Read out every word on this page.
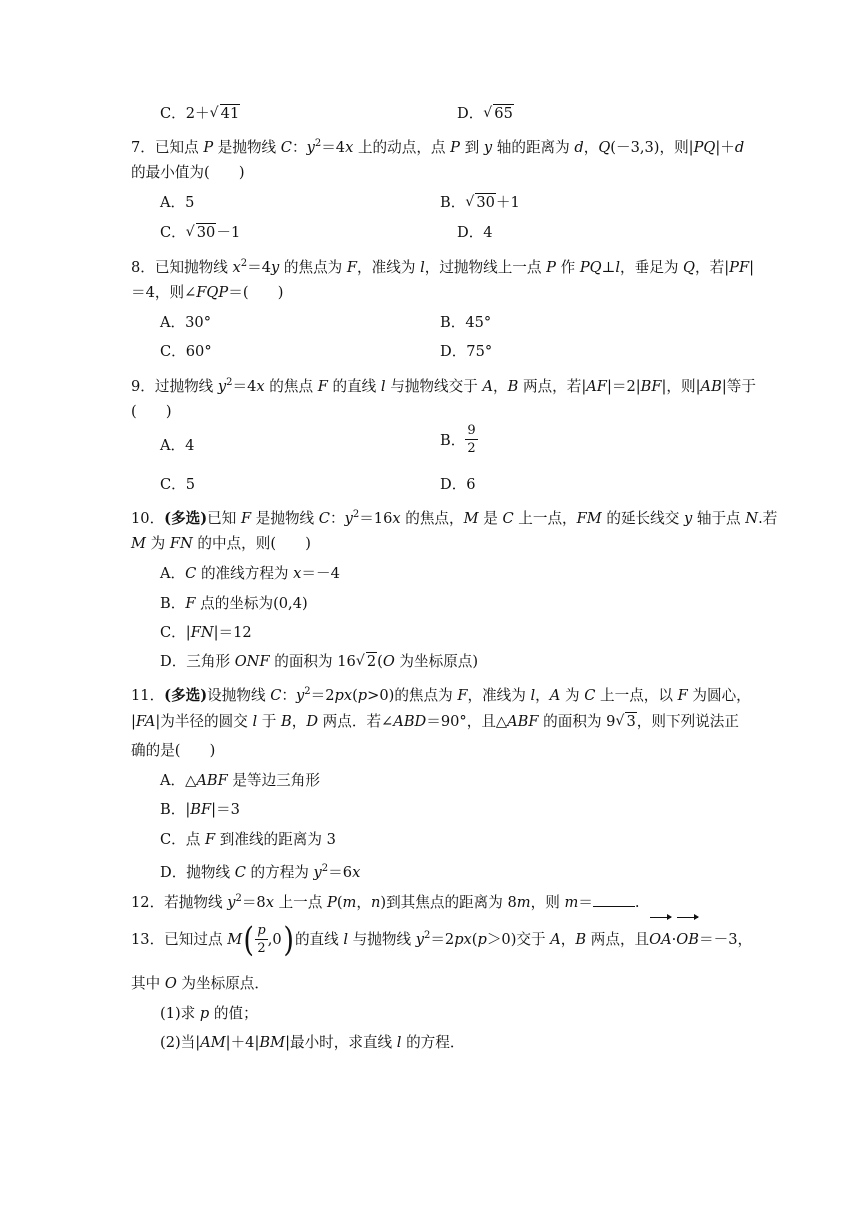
C．2＋ √ 41	D． √ 65
7．已知点 P 是抛物线 C：$y^2=4x$ 上的动点，点 P 到 y 轴的距离为 d，Q(－3,3)，则|PQ|＋d
的最小值为(　　)
A．5	B． √ 30＋1
C． √ 30－1	D．4
8．已知抛物线 $x^2=4y$ 的焦点为 F，准线为 l，过抛物线上一点 P 作 PQ⊥l，垂足为 Q，若|PF|
＝4，则∠FQP＝(　　)
A．30°	B．45°
C．60°	D．75°
9．过抛物线 $y^2=4x$ 的焦点 F 的直线 l 与抛物线交于 A，B 两点，若|AF|＝2|BF|，则|AB|等于
(　　)
A．4	B． $\frac{9}{2}$
C．5	D．6
10．(多选)已知 F 是抛物线 C：$y^2=16x$ 的焦点，M 是 C 上一点，FM 的延长线交 y 轴于点 N.若
M 为 FN 的中点，则(　　)
A．C 的准线方程为 x＝－4
B．F 点的坐标为(0,4)
C．|FN|＝12
D．三角形 ONF 的面积为 16 √ 2(O 为坐标原点)
11．(多选)设抛物线 C：$y^2=2px(p>0)$的焦点为 F，准线为 l，A 为 C 上一点，以 F 为圆心，
|FA|为半径的圆交 l 于 B，D 两点．若∠ABD＝90°，且△ABF 的面积为 9 √ 3，则下列说法正
确的是(　　)
A．△ABF 是等边三角形
B．|BF|＝3
C．点 F 到准线的距离为 3
D．抛物线 C 的方程为 $y^2=6x$
12．若抛物线 $y^2=8x$ 上一点 P(m，n)到其焦点的距离为 8m，则 m＝	.
13．已知过点 $M( \frac{p}{2} ,0)$的直线 l 与抛物线 $y^2=2px(p>0)$交于 A，B 两点，且OA·OB＝－3，
其中 O 为坐标原点．
(1)求 p 的值；
(2)当|AM|＋4|BM|最小时，求直线 l 的方程．
